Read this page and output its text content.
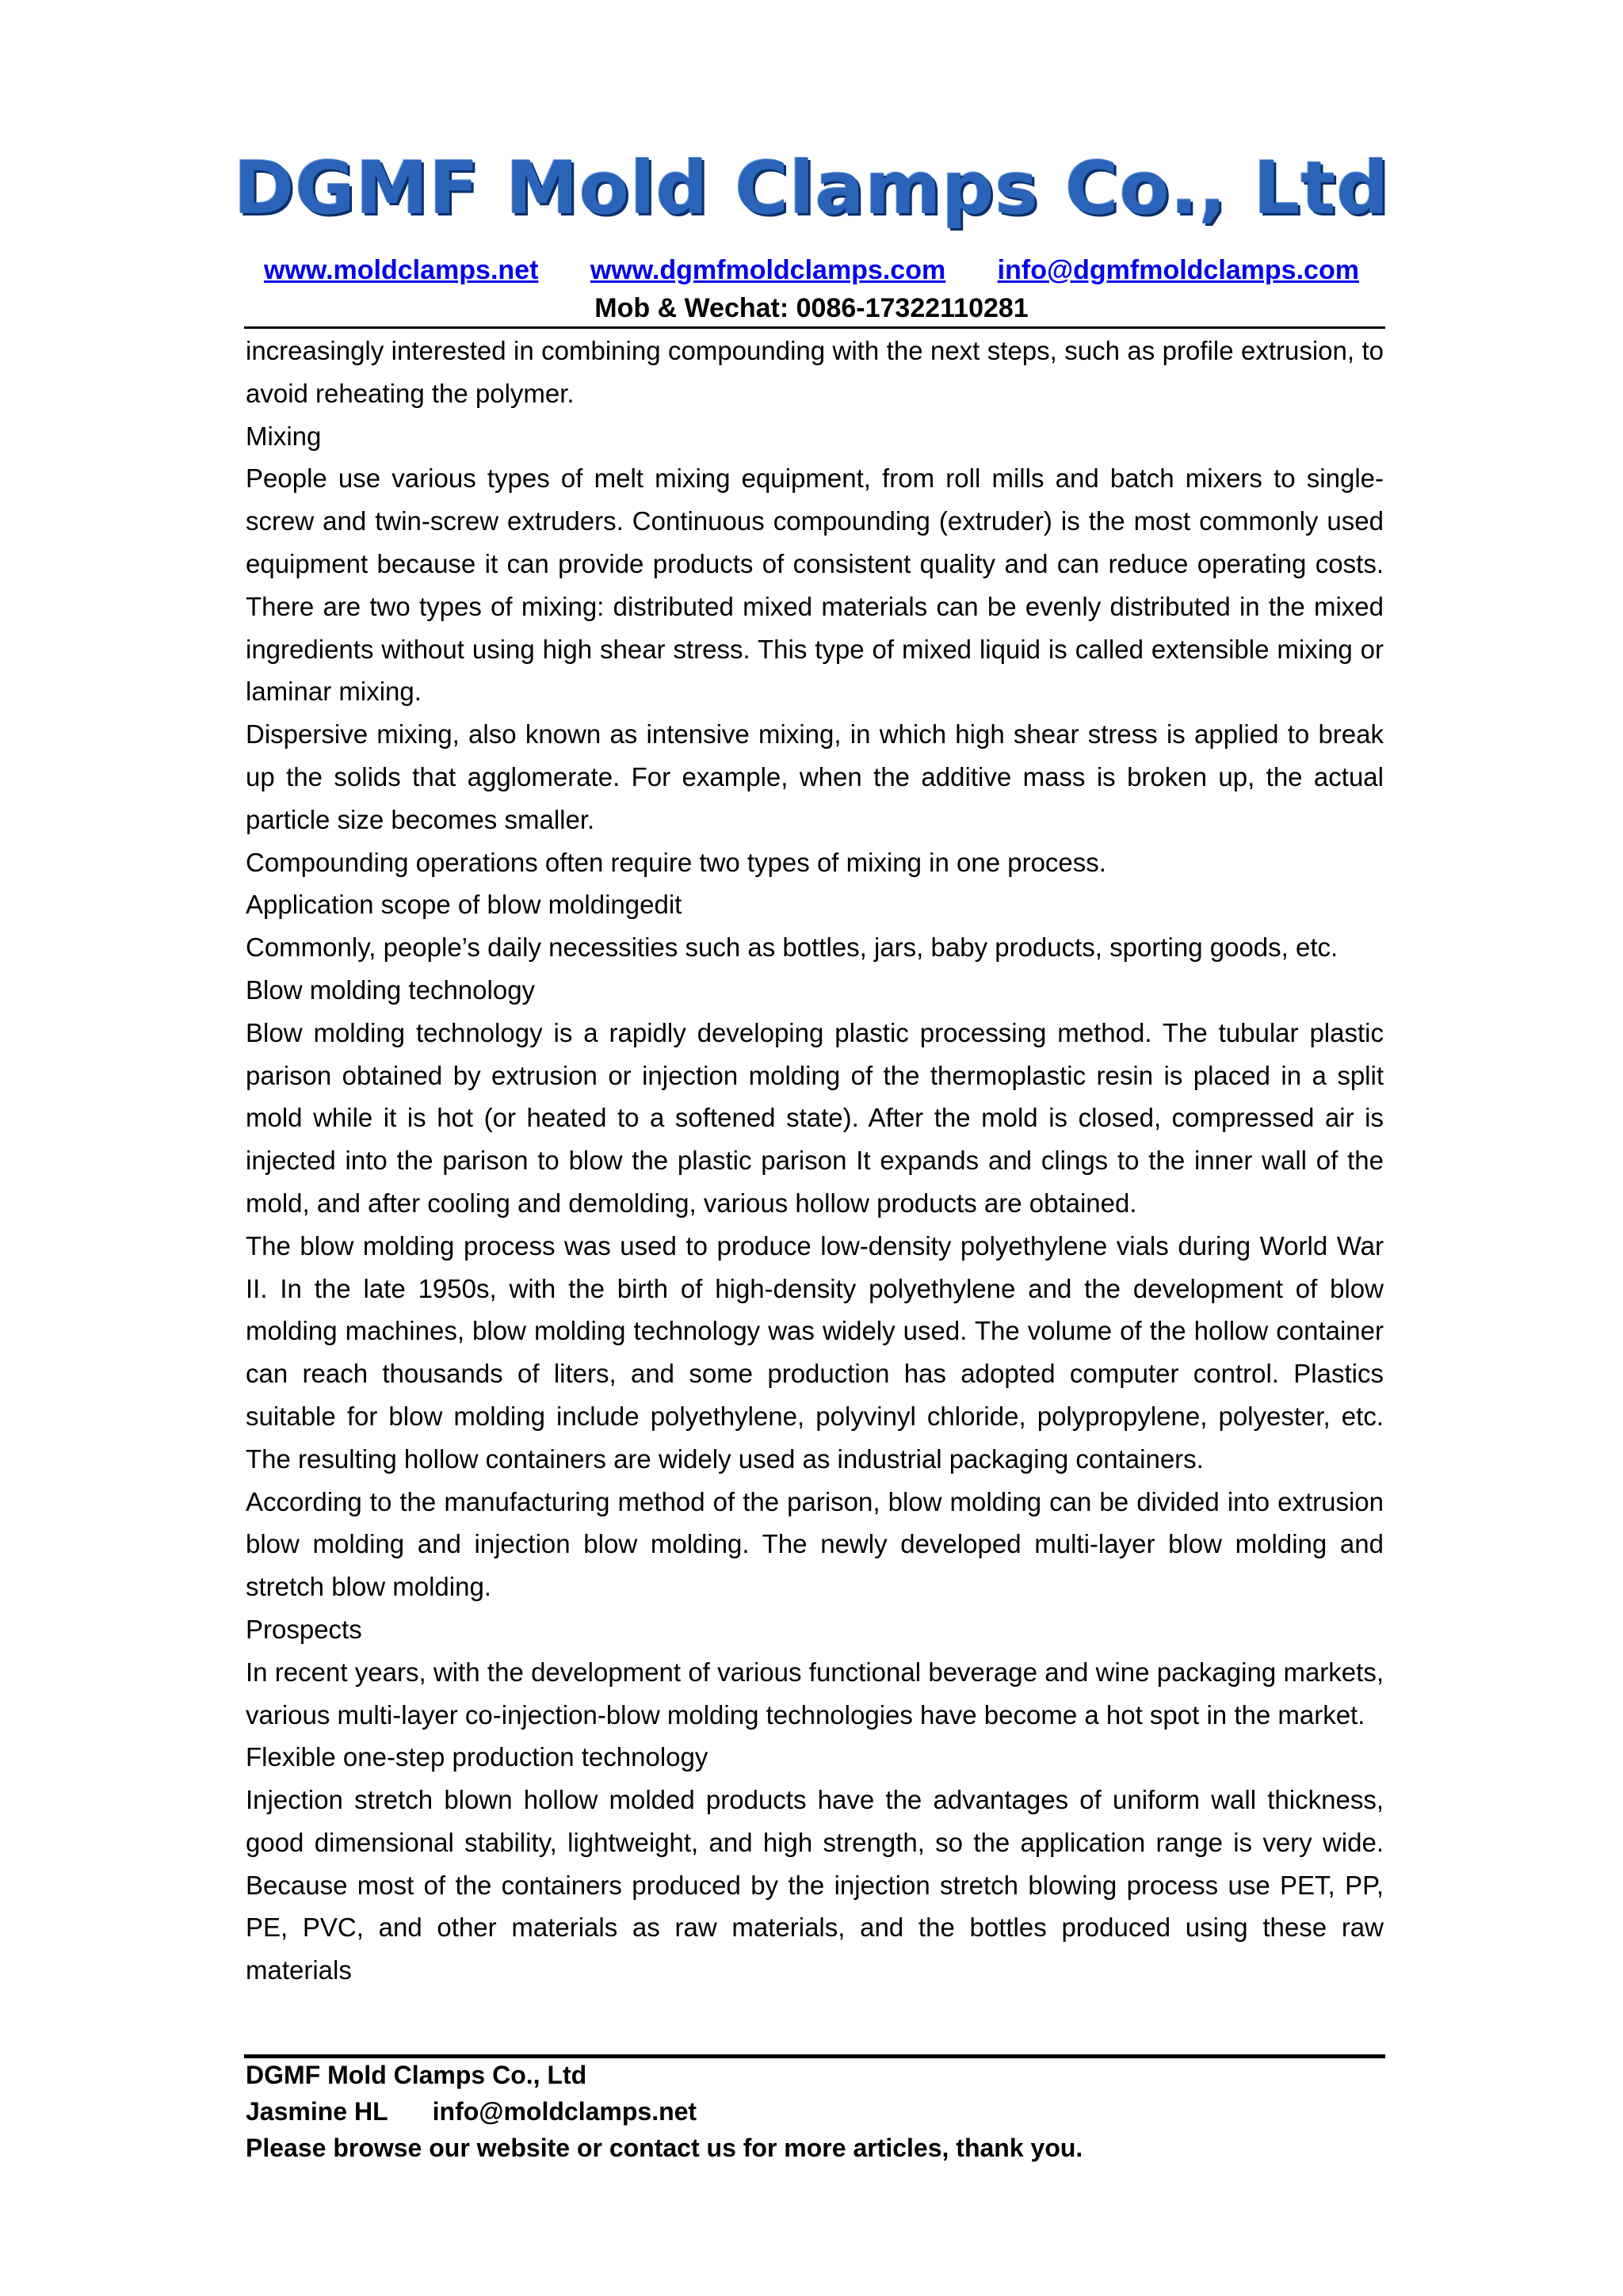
DGMF Mold Clamps Co., Ltd
www.moldclamps.net www.dgmfmoldclamps.com info@dgmfmoldclamps.com
Mob & Wechat: 0086-17322110281

increasingly interested in combining compounding with the next steps, such as profile extrusion, to avoid reheating the polymer.

Mixing

People use various types of melt mixing equipment, from roll mills and batch mixers to single-screw and twin-screw extruders. Continuous compounding (extruder) is the most commonly used equipment because it can provide products of consistent quality and can reduce operating costs. There are two types of mixing: distributed mixed materials can be evenly distributed in the mixed ingredients without using high shear stress. This type of mixed liquid is called extensible mixing or laminar mixing.

Dispersive mixing, also known as intensive mixing, in which high shear stress is applied to break up the solids that agglomerate. For example, when the additive mass is broken up, the actual particle size becomes smaller.

Compounding operations often require two types of mixing in one process.

Application scope of blow moldingedit

Commonly, people’s daily necessities such as bottles, jars, baby products, sporting goods, etc.

Blow molding technology

Blow molding technology is a rapidly developing plastic processing method. The tubular plastic parison obtained by extrusion or injection molding of the thermoplastic resin is placed in a split mold while it is hot (or heated to a softened state). After the mold is closed, compressed air is injected into the parison to blow the plastic parison It expands and clings to the inner wall of the mold, and after cooling and demolding, various hollow products are obtained.

The blow molding process was used to produce low-density polyethylene vials during World War II. In the late 1950s, with the birth of high-density polyethylene and the development of blow molding machines, blow molding technology was widely used. The volume of the hollow container can reach thousands of liters, and some production has adopted computer control. Plastics suitable for blow molding include polyethylene, polyvinyl chloride, polypropylene, polyester, etc. The resulting hollow containers are widely used as industrial packaging containers.

According to the manufacturing method of the parison, blow molding can be divided into extrusion blow molding and injection blow molding. The newly developed multi-layer blow molding and stretch blow molding.

Prospects

In recent years, with the development of various functional beverage and wine packaging markets, various multi-layer co-injection-blow molding technologies have become a hot spot in the market.

Flexible one-step production technology

Injection stretch blown hollow molded products have the advantages of uniform wall thickness, good dimensional stability, lightweight, and high strength, so the application range is very wide. Because most of the containers produced by the injection stretch blowing process use PET, PP, PE, PVC, and other materials as raw materials, and the bottles produced using these raw materials

DGMF Mold Clamps Co., Ltd
Jasmine HL info@moldclamps.net
Please browse our website or contact us for more articles, thank you.
